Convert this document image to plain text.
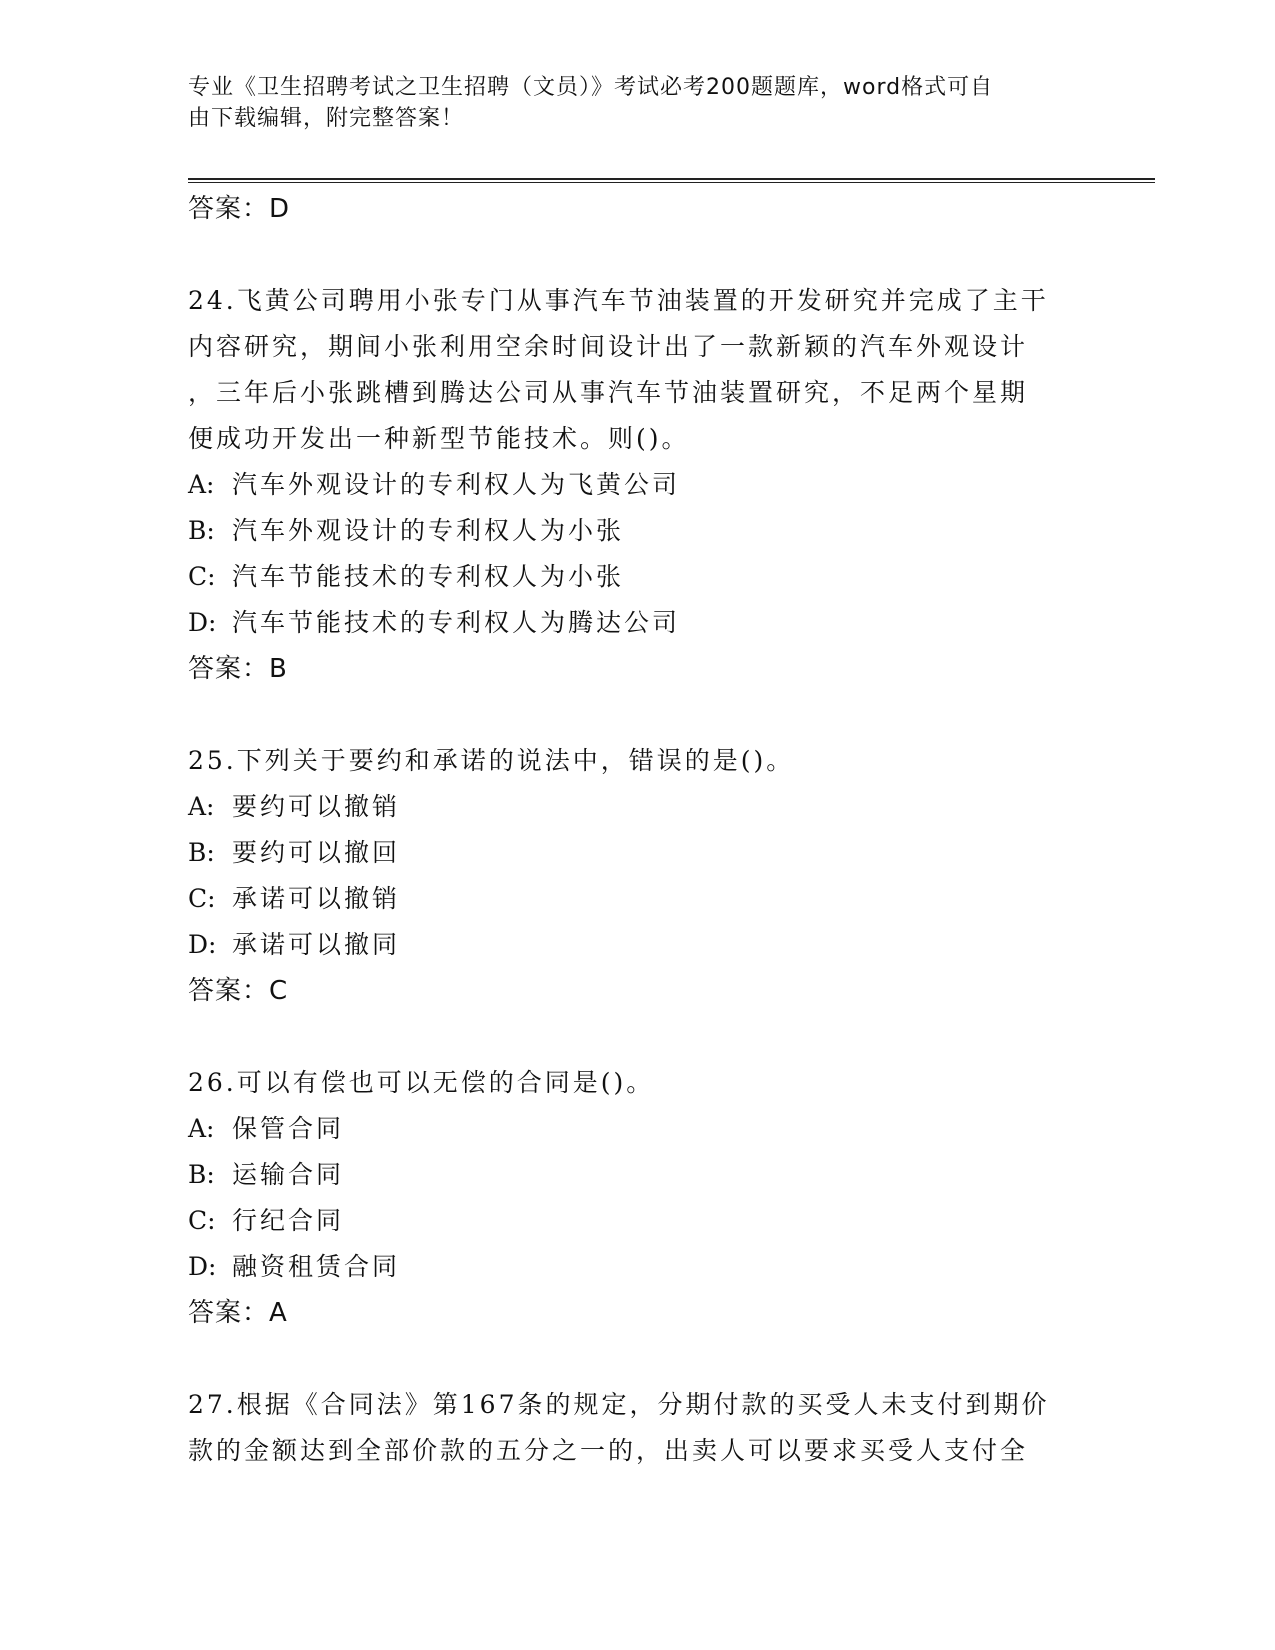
专业《卫生招聘考试之卫生招聘（文员）》考试必考200题题库，word格式可自
由下载编辑，附完整答案！
答案：D
24.飞黄公司聘用小张专门从事汽车节油装置的开发研究并完成了主干
内容研究，期间小张利用空余时间设计出了一款新颖的汽车外观设计
，三年后小张跳槽到腾达公司从事汽车节油装置研究，不足两个星期
便成功开发出一种新型节能技术。则()。
A: 汽车外观设计的专利权人为飞黄公司
B: 汽车外观设计的专利权人为小张
C: 汽车节能技术的专利权人为小张
D: 汽车节能技术的专利权人为腾达公司
答案：B
25.下列关于要约和承诺的说法中，错误的是()。
A: 要约可以撤销
B: 要约可以撤回
C: 承诺可以撤销
D: 承诺可以撤同
答案：C
26.可以有偿也可以无偿的合同是()。
A: 保管合同
B: 运输合同
C: 行纪合同
D: 融资租赁合同
答案：A
27.根据《合同法》第167条的规定，分期付款的买受人未支付到期价
款的金额达到全部价款的五分之一的，出卖人可以要求买受人支付全
